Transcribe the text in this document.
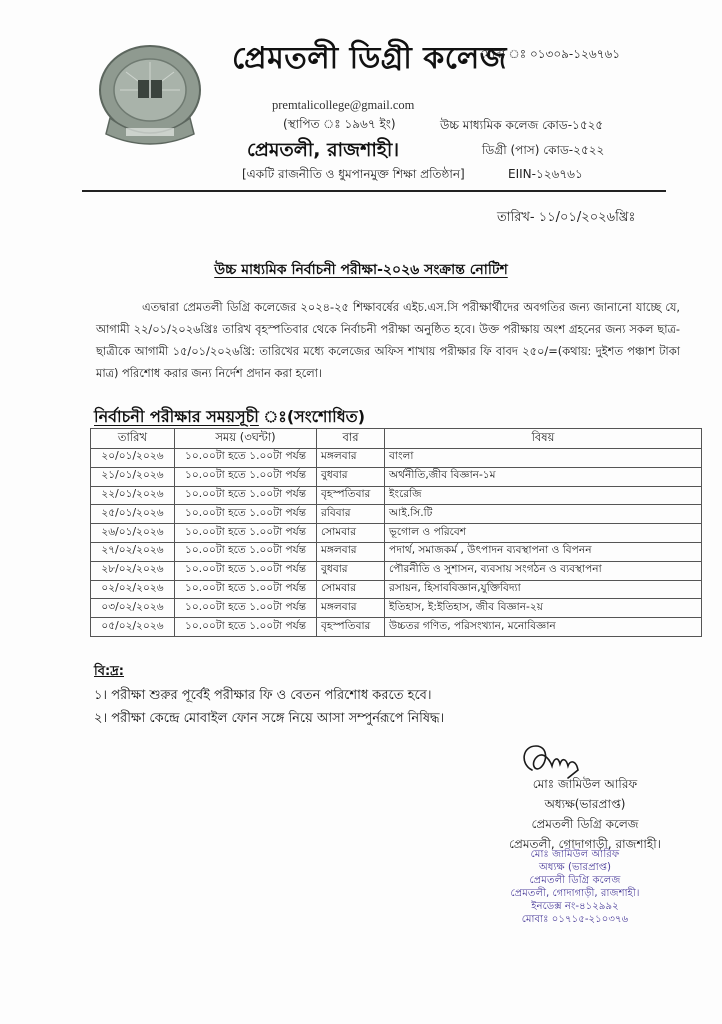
প্রেমতলী ডিগ্রী কলেজ
মোবা ঃ ০১৩০৯-১২৬৭৬১
premtalicollege@gmail.com
(স্থাপিত ঃ ১৯৬৭ ইং)	উচ্চ মাধ্যমিক কলেজ কোড-১৫২৫
প্রেমতলী, রাজশাহী।	ডিগ্রী (পাস) কোড-২৫২২
[একটি রাজনীতি ও ধুমপানমুক্ত শিক্ষা প্রতিষ্ঠান]	EIIN-১২৬৭৬১
তারিখ- ১১/০১/২০২৬খ্রিঃ
উচ্চ মাধ্যমিক নির্বাচনী পরীক্ষা-২০২৬ সংক্রান্ত নোটিশ

এতদ্বারা প্রেমতলী ডিগ্রি কলেজের ২০২৪-২৫ শিক্ষাবর্ষের এইচ.এস.সি পরীক্ষার্থীদের অবগতির জন্য জানানো যাচ্ছে যে, আগামী ২২/০১/২০২৬খ্রিঃ তারিখ বৃহস্পতিবার থেকে নির্বাচনী পরীক্ষা অনুষ্ঠিত হবে। উক্ত পরীক্ষায় অংশ গ্রহনের জন্য সকল ছাত্র-ছাত্রীকে আগামী ১৫/০১/২০২৬খ্রি: তারিখের মধ্যে কলেজের অফিস শাখায় পরীক্ষার ফি বাবদ ২৫০/=(কথায়: দুইশত পঞ্চাশ টাকা মাত্র) পরিশোধ করার জন্য নির্দেশ প্রদান করা হলো।

নির্বাচনী পরীক্ষার সময়সূচী ঃ(সংশোধিত)
তারিখ	সময় (৩ঘন্টা)	বার	বিষয়
২০/০১/২০২৬	১০.০০টা হতে ১.০০টা পর্যন্ত	মঙ্গলবার	বাংলা
২১/০১/২০২৬	১০.০০টা হতে ১.০০টা পর্যন্ত	বুধবার	অর্থনীতি,জীব বিজ্ঞান-১ম
২২/০১/২০২৬	১০.০০টা হতে ১.০০টা পর্যন্ত	বৃহস্পতিবার	ইংরেজি
২৫/০১/২০২৬	১০.০০টা হতে ১.০০টা পর্যন্ত	রবিবার	আই.সি.টি
২৬/০১/২০২৬	১০.০০টা হতে ১.০০টা পর্যন্ত	সোমবার	ভূগোল ও পরিবেশ
২৭/০২/২০২৬	১০.০০টা হতে ১.০০টা পর্যন্ত	মঙ্গলবার	পদার্থ, সমাজকর্ম , উৎপাদন ব্যবস্থাপনা ও বিপনন
২৮/০২/২০২৬	১০.০০টা হতে ১.০০টা পর্যন্ত	বুধবার	পৌরনীতি ও সুশাসন, ব্যবসায় সংগঠন ও ব্যবস্থাপনা
০২/০২/২০২৬	১০.০০টা হতে ১.০০টা পর্যন্ত	সোমবার	রসায়ন, হিসাববিজ্ঞান,যুক্তিবিদ্যা
০৩/০২/২০২৬	১০.০০টা হতে ১.০০টা পর্যন্ত	মঙ্গলবার	ইতিহাস, ই:ইতিহাস, জীব বিজ্ঞান-২য়
০৫/০২/২০২৬	১০.০০টা হতে ১.০০টা পর্যন্ত	বৃহস্পতিবার	উচ্চতর গণিত, পরিসংখ্যান, মনোবিজ্ঞান
বি:দ্র:
১। পরীক্ষা শুরুর পূর্বেই পরীক্ষার ফি ও বেতন পরিশোধ করতে হবে।
২। পরীক্ষা কেন্দ্রে মোবাইল ফোন সঙ্গে নিয়ে আসা সম্পুর্নরূপে নিষিদ্ধ।
মোঃ জামিউল আরিফ
অধ্যক্ষ(ভারপ্রাপ্ত)
প্রেমতলী ডিগ্রি কলেজ
প্রেমতলী, গোদাগাড়ী, রাজশাহী।
মোঃ জামিউল আরিফ
অধ্যক্ষ (ভারপ্রাপ্ত)
প্রেমতলী ডিগ্রি কলেজ
প্রেমতলী, গোদাগাড়ী, রাজশাহী।
ইনডেক্স নং-৪১২৯৯২
মোবাঃ ০১৭১৫-২১০৩৭৬
